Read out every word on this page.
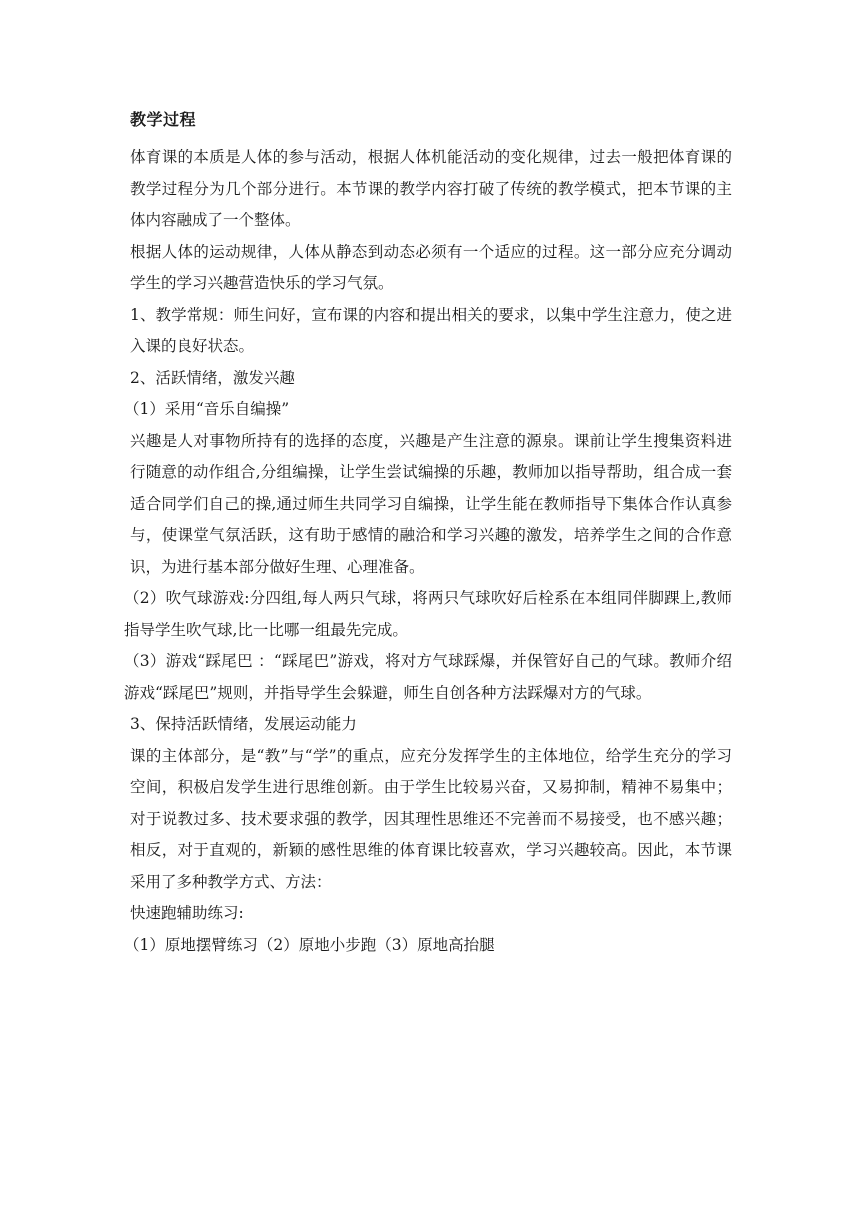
教学过程

体育课的本质是人体的参与活动，根据人体机能活动的变化规律，过去一般把体育课的教学过程分为几个部分进行。本节课的教学内容打破了传统的教学模式，把本节课的主体内容融成了一个整体。

根据人体的运动规律，人体从静态到动态必须有一个适应的过程。这一部分应充分调动学生的学习兴趣营造快乐的学习气氛。

1、教学常规：师生问好，宣布课的内容和提出相关的要求，以集中学生注意力，使之进入课的良好状态。

2、活跃情绪，激发兴趣

（1）采用“音乐自编操”

兴趣是人对事物所持有的选择的态度，兴趣是产生注意的源泉。课前让学生搜集资料进行随意的动作组合,分组编操，让学生尝试编操的乐趣，教师加以指导帮助，组合成一套适合同学们自己的操,通过师生共同学习自编操，让学生能在教师指导下集体合作认真参与，使课堂气氛活跃，这有助于感情的融洽和学习兴趣的激发，培养学生之间的合作意识，为进行基本部分做好生理、心理准备。

（2）吹气球游戏:分四组,每人两只气球，将两只气球吹好后栓系在本组同伴脚踝上,教师指导学生吹气球,比一比哪一组最先完成。

（3）游戏“踩尾巴 ：“踩尾巴”游戏，将对方气球踩爆，并保管好自己的气球。教师介绍游戏“踩尾巴”规则，并指导学生会躲避，师生自创各种方法踩爆对方的气球。

3、保持活跃情绪，发展运动能力

课的主体部分，是“教”与“学”的重点，应充分发挥学生的主体地位，给学生充分的学习空间，积极启发学生进行思维创新。由于学生比较易兴奋，又易抑制，精神不易集中；对于说教过多、技术要求强的教学，因其理性思维还不完善而不易接受，也不感兴趣；相反，对于直观的，新颖的感性思维的体育课比较喜欢，学习兴趣较高。因此，本节课采用了多种教学方式、方法：

快速跑辅助练习:

（1）原地摆臂练习（2）原地小步跑（3）原地高抬腿
